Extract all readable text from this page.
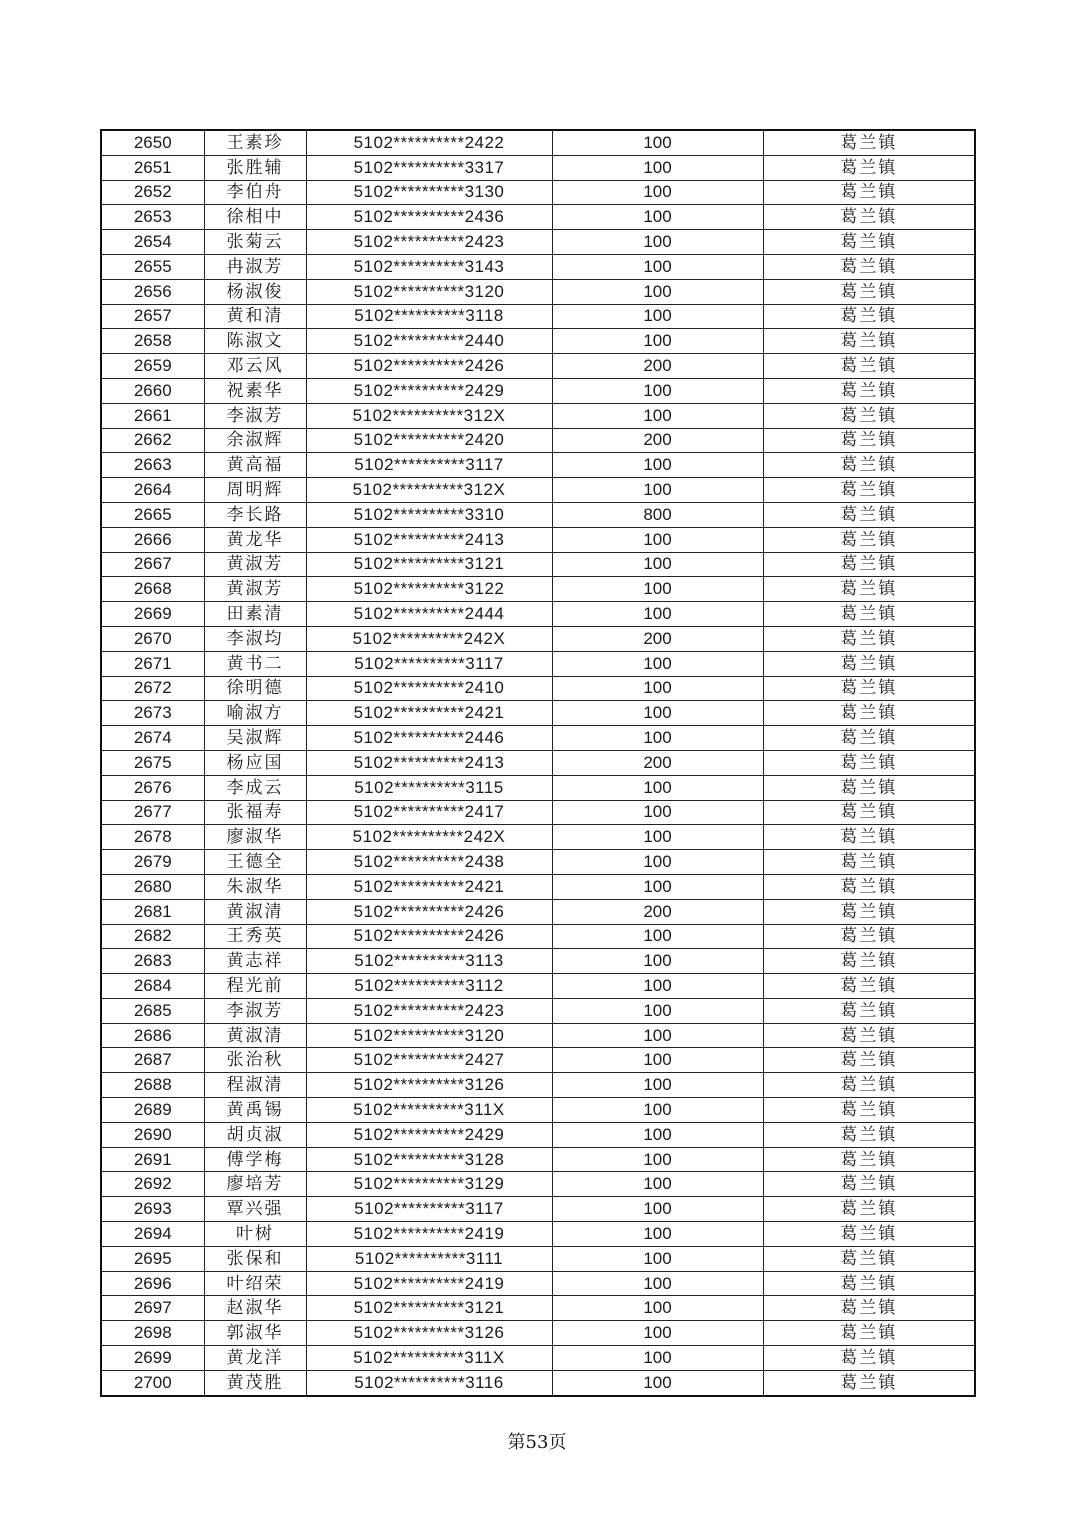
2650	王素珍	5102**********2422	100	葛兰镇
2651	张胜辅	5102**********3317	100	葛兰镇
2652	李伯舟	5102**********3130	100	葛兰镇
2653	徐相中	5102**********2436	100	葛兰镇
2654	张菊云	5102**********2423	100	葛兰镇
2655	冉淑芳	5102**********3143	100	葛兰镇
2656	杨淑俊	5102**********3120	100	葛兰镇
2657	黄和清	5102**********3118	100	葛兰镇
2658	陈淑文	5102**********2440	100	葛兰镇
2659	邓云风	5102**********2426	200	葛兰镇
2660	祝素华	5102**********2429	100	葛兰镇
2661	李淑芳	5102**********312X	100	葛兰镇
2662	余淑辉	5102**********2420	200	葛兰镇
2663	黄高福	5102**********3117	100	葛兰镇
2664	周明辉	5102**********312X	100	葛兰镇
2665	李长路	5102**********3310	800	葛兰镇
2666	黄龙华	5102**********2413	100	葛兰镇
2667	黄淑芳	5102**********3121	100	葛兰镇
2668	黄淑芳	5102**********3122	100	葛兰镇
2669	田素清	5102**********2444	100	葛兰镇
2670	李淑均	5102**********242X	200	葛兰镇
2671	黄书二	5102**********3117	100	葛兰镇
2672	徐明德	5102**********2410	100	葛兰镇
2673	喻淑方	5102**********2421	100	葛兰镇
2674	吴淑辉	5102**********2446	100	葛兰镇
2675	杨应国	5102**********2413	200	葛兰镇
2676	李成云	5102**********3115	100	葛兰镇
2677	张福寿	5102**********2417	100	葛兰镇
2678	廖淑华	5102**********242X	100	葛兰镇
2679	王德全	5102**********2438	100	葛兰镇
2680	朱淑华	5102**********2421	100	葛兰镇
2681	黄淑清	5102**********2426	200	葛兰镇
2682	王秀英	5102**********2426	100	葛兰镇
2683	黄志祥	5102**********3113	100	葛兰镇
2684	程光前	5102**********3112	100	葛兰镇
2685	李淑芳	5102**********2423	100	葛兰镇
2686	黄淑清	5102**********3120	100	葛兰镇
2687	张治秋	5102**********2427	100	葛兰镇
2688	程淑清	5102**********3126	100	葛兰镇
2689	黄禹锡	5102**********311X	100	葛兰镇
2690	胡贞淑	5102**********2429	100	葛兰镇
2691	傅学梅	5102**********3128	100	葛兰镇
2692	廖培芳	5102**********3129	100	葛兰镇
2693	覃兴强	5102**********3117	100	葛兰镇
2694	叶树	5102**********2419	100	葛兰镇
2695	张保和	5102**********3111	100	葛兰镇
2696	叶绍荣	5102**********2419	100	葛兰镇
2697	赵淑华	5102**********3121	100	葛兰镇
2698	郭淑华	5102**********3126	100	葛兰镇
2699	黄龙洋	5102**********311X	100	葛兰镇
2700	黄茂胜	5102**********3116	100	葛兰镇
第53页
